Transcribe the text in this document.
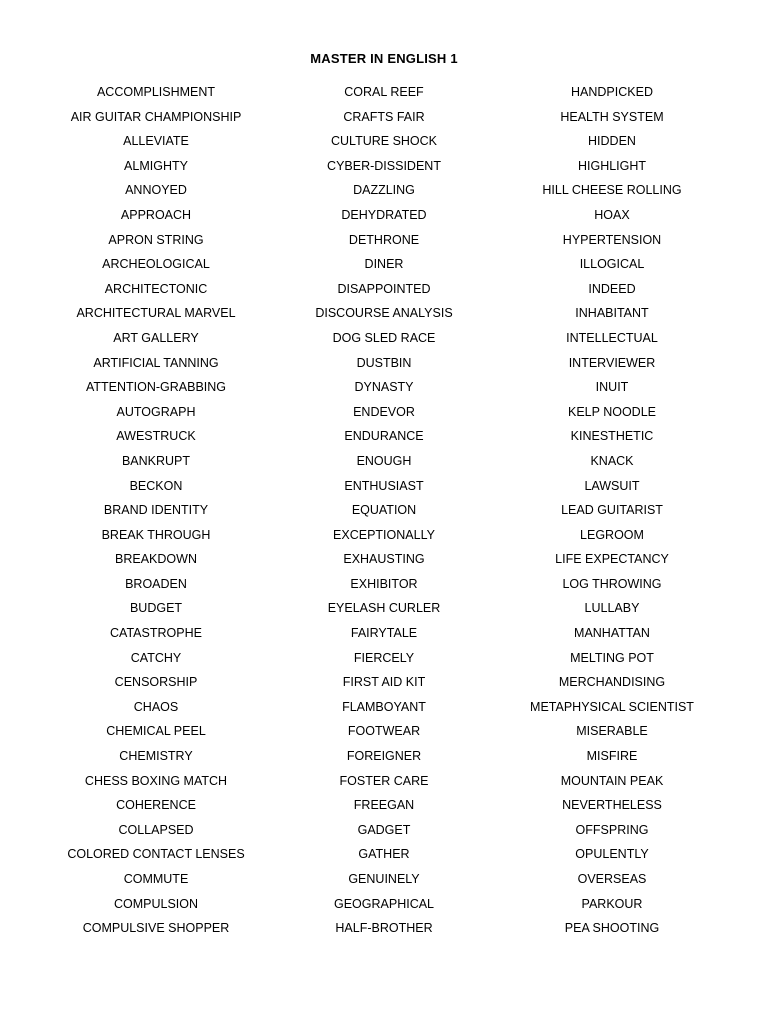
MASTER IN ENGLISH 1
ACCOMPLISHMENT
AIR GUITAR CHAMPIONSHIP
ALLEVIATE
ALMIGHTY
ANNOYED
APPROACH
APRON STRING
ARCHEOLOGICAL
ARCHITECTONIC
ARCHITECTURAL MARVEL
ART GALLERY
ARTIFICIAL TANNING
ATTENTION-GRABBING
AUTOGRAPH
AWESTRUCK
BANKRUPT
BECKON
BRAND IDENTITY
BREAK THROUGH
BREAKDOWN
BROADEN
BUDGET
CATASTROPHE
CATCHY
CENSORSHIP
CHAOS
CHEMICAL PEEL
CHEMISTRY
CHESS BOXING MATCH
COHERENCE
COLLAPSED
COLORED CONTACT LENSES
COMMUTE
COMPULSION
COMPULSIVE SHOPPER
CORAL REEF
CRAFTS FAIR
CULTURE SHOCK
CYBER-DISSIDENT
DAZZLING
DEHYDRATED
DETHRONE
DINER
DISAPPOINTED
DISCOURSE ANALYSIS
DOG SLED RACE
DUSTBIN
DYNASTY
ENDEVOR
ENDURANCE
ENOUGH
ENTHUSIAST
EQUATION
EXCEPTIONALLY
EXHAUSTING
EXHIBITOR
EYELASH CURLER
FAIRYTALE
FIERCELY
FIRST AID KIT
FLAMBOYANT
FOOTWEAR
FOREIGNER
FOSTER CARE
FREEGAN
GADGET
GATHER
GENUINELY
GEOGRAPHICAL
HALF-BROTHER
HANDPICKED
HEALTH SYSTEM
HIDDEN
HIGHLIGHT
HILL CHEESE ROLLING
HOAX
HYPERTENSION
ILLOGICAL
INDEED
INHABITANT
INTELLECTUAL
INTERVIEWER
INUIT
KELP NOODLE
KINESTHETIC
KNACK
LAWSUIT
LEAD GUITARIST
LEGROOM
LIFE EXPECTANCY
LOG THROWING
LULLABY
MANHATTAN
MELTING POT
MERCHANDISING
METAPHYSICAL SCIENTIST
MISERABLE
MISFIRE
MOUNTAIN PEAK
NEVERTHELESS
OFFSPRING
OPULENTLY
OVERSEAS
PARKOUR
PEA SHOOTING
